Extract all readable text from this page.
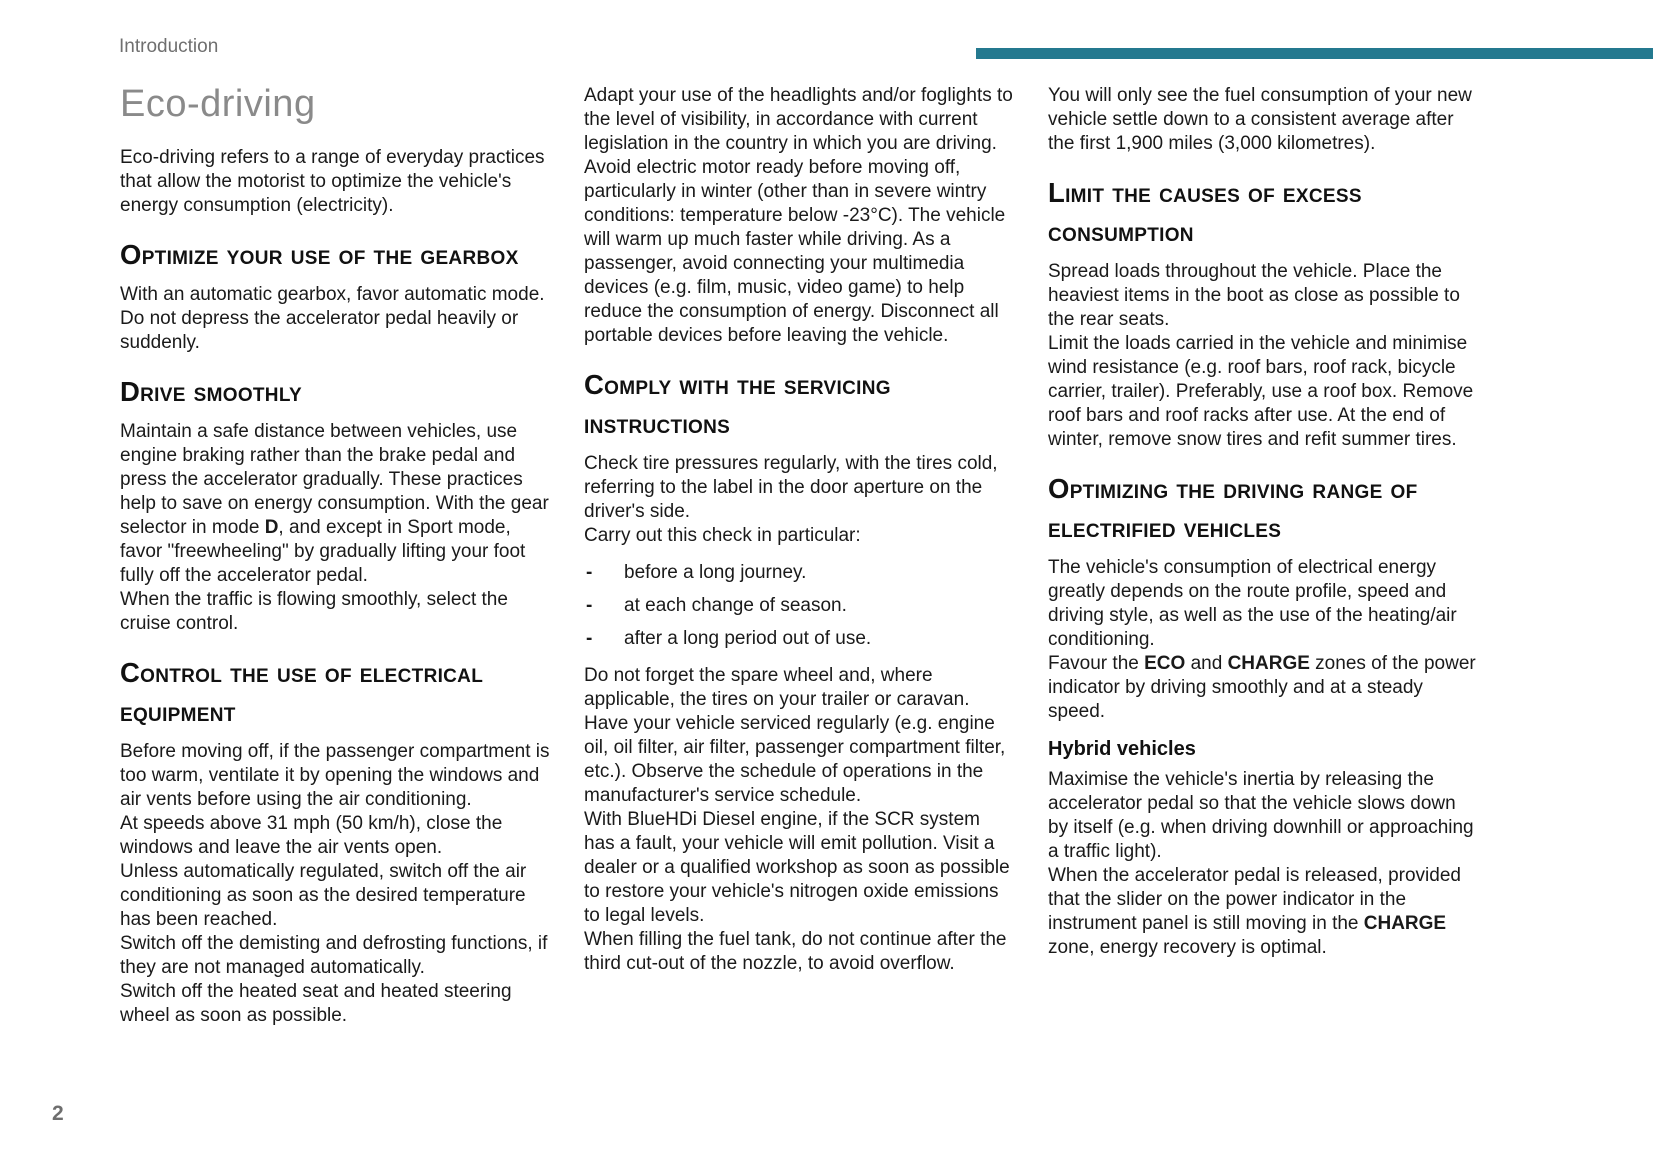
Introduction
Eco-driving

Eco-driving refers to a range of everyday practices that allow the motorist to optimize the vehicle's energy consumption (electricity).

Optimize your use of the gearbox

With an automatic gearbox, favor automatic mode. Do not depress the accelerator pedal heavily or suddenly.

Drive smoothly

Maintain a safe distance between vehicles, use engine braking rather than the brake pedal and press the accelerator gradually. These practices help to save on energy consumption. With the gear selector in mode D, and except in Sport mode, favor "freewheeling" by gradually lifting your foot fully off the accelerator pedal.

When the traffic is flowing smoothly, select the cruise control.

Control the use of electrical equipment

Before moving off, if the passenger compartment is too warm, ventilate it by opening the windows and air vents before using the air conditioning.

At speeds above 31 mph (50 km/h), close the windows and leave the air vents open.

Unless automatically regulated, switch off the air conditioning as soon as the desired temperature has been reached.

Switch off the demisting and defrosting functions, if they are not managed automatically.

Switch off the heated seat and heated steering wheel as soon as possible.

Adapt your use of the headlights and/or foglights to the level of visibility, in accordance with current legislation in the country in which you are driving.

Avoid electric motor ready before moving off, particularly in winter (other than in severe wintry conditions: temperature below -23°C). The vehicle will warm up much faster while driving. As a passenger, avoid connecting your multimedia devices (e.g. film, music, video game) to help reduce the consumption of energy. Disconnect all portable devices before leaving the vehicle.

Comply with the servicing instructions

Check tire pressures regularly, with the tires cold, referring to the label in the door aperture on the driver's side.

Carry out this check in particular:

- before a long journey.
- at each change of season.
- after a long period out of use.

Do not forget the spare wheel and, where applicable, the tires on your trailer or caravan.

Have your vehicle serviced regularly (e.g. engine oil, oil filter, air filter, passenger compartment filter, etc.). Observe the schedule of operations in the manufacturer's service schedule.

With BlueHDi Diesel engine, if the SCR system has a fault, your vehicle will emit pollution. Visit a dealer or a qualified workshop as soon as possible to restore your vehicle's nitrogen oxide emissions to legal levels.

When filling the fuel tank, do not continue after the third cut-out of the nozzle, to avoid overflow.

You will only see the fuel consumption of your new vehicle settle down to a consistent average after the first 1,900 miles (3,000 kilometres).

Limit the causes of excess consumption

Spread loads throughout the vehicle. Place the heaviest items in the boot as close as possible to the rear seats.

Limit the loads carried in the vehicle and minimise wind resistance (e.g. roof bars, roof rack, bicycle carrier, trailer). Preferably, use a roof box. Remove roof bars and roof racks after use. At the end of winter, remove snow tires and refit summer tires.

Optimizing the driving range of electrified vehicles

The vehicle's consumption of electrical energy greatly depends on the route profile, speed and driving style, as well as the use of the heating/air conditioning.

Favour the ECO and CHARGE zones of the power indicator by driving smoothly and at a steady speed.

Hybrid vehicles

Maximise the vehicle's inertia by releasing the accelerator pedal so that the vehicle slows down by itself (e.g. when driving downhill or approaching a traffic light).

When the accelerator pedal is released, provided that the slider on the power indicator in the instrument panel is still moving in the CHARGE zone, energy recovery is optimal.

2
